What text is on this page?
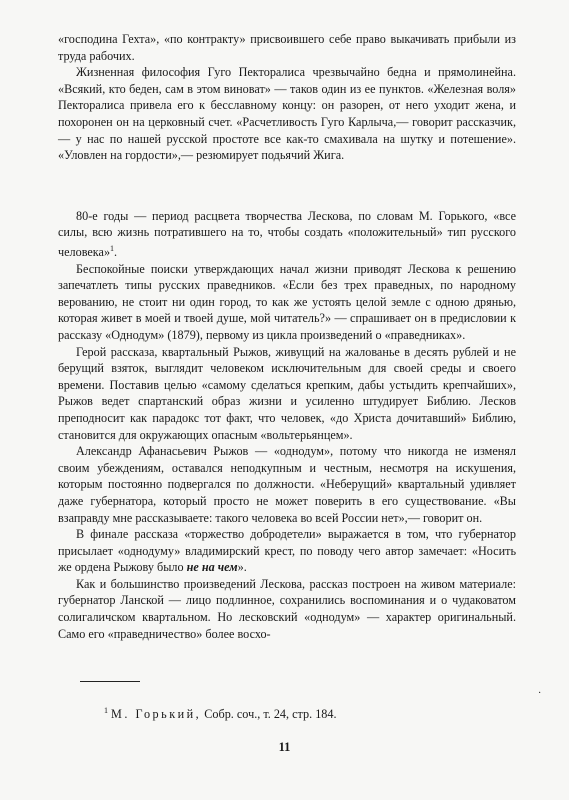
«господина Гехта», «по контракту» присвоившего себе право выкачивать прибыли из труда рабочих.

Жизненная философия Гуго Пекторалиса чрезвычайно бедна и прямолинейна. «Всякий, кто беден, сам в этом виноват» — таков один из ее пунктов. «Железная воля» Пекторалиса привела его к бесславному концу: он разорен, от него уходит жена, и похоронен он на церковный счет. «Расчетливость Гуго Карлыча,— говорит рассказчик,— у нас по нашей русской простоте все как-то смахивала на шутку и потешение». «Уловлен на гордости»,— резюмирует подьячий Жига.

80-е годы — период расцвета творчества Лескова, по словам М. Горького, «все силы, всю жизнь потратившего на то, чтобы создать «положительный» тип русского человека»$^1$.

Беспокойные поиски утверждающих начал жизни приводят Лескова к решению запечатлеть типы русских праведников. «Если без трех праведных, по народному верованию, не стоит ни один город, то как же устоять целой земле с одною дрянью, которая живет в моей и твоей душе, мой читатель?» — спрашивает он в предисловии к рассказу «Однодум» (1879), первому из цикла произведений о «праведниках».

Герой рассказа, квартальный Рыжов, живущий на жалованье в десять рублей и не берущий взяток, выглядит человеком исключительным для своей среды и своего времени. Поставив целью «самому сделаться крепким, дабы устыдить крепчайших», Рыжов ведет спартанский образ жизни и усиленно штудирует Библию. Лесков преподносит как парадокс тот факт, что человек, «до Христа дочитавший» Библию, становится для окружающих опасным «вольтерьянцем».

Александр Афанасьевич Рыжов — «однодум», потому что никогда не изменял своим убеждениям, оставался неподкупным и честным, несмотря на искушения, которым постоянно подвергался по должности. «Неберущий» квартальный удивляет даже губернатора, который просто не может поверить в его существование. «Вы взаправду мне рассказываете: такого человека во всей России нет»,— говорит он.

В финале рассказа «торжество добродетели» выражается в том, что губернатор присылает «однодуму» владимирский крест, по поводу чего автор замечает: «Носить же ордена Рыжову было не на чем».

Как и большинство произведений Лескова, рассказ построен на живом материале: губернатор Ланской — лицо подлинное, сохранились воспоминания и о чудаковатом солигаличском квартальном. Но лесковский «однодум» — характер оригинальный. Само его «праведничество» более восхо-

·
$^1$ М. Горький, Собр. соч., т. 24, стр. 184.
11
